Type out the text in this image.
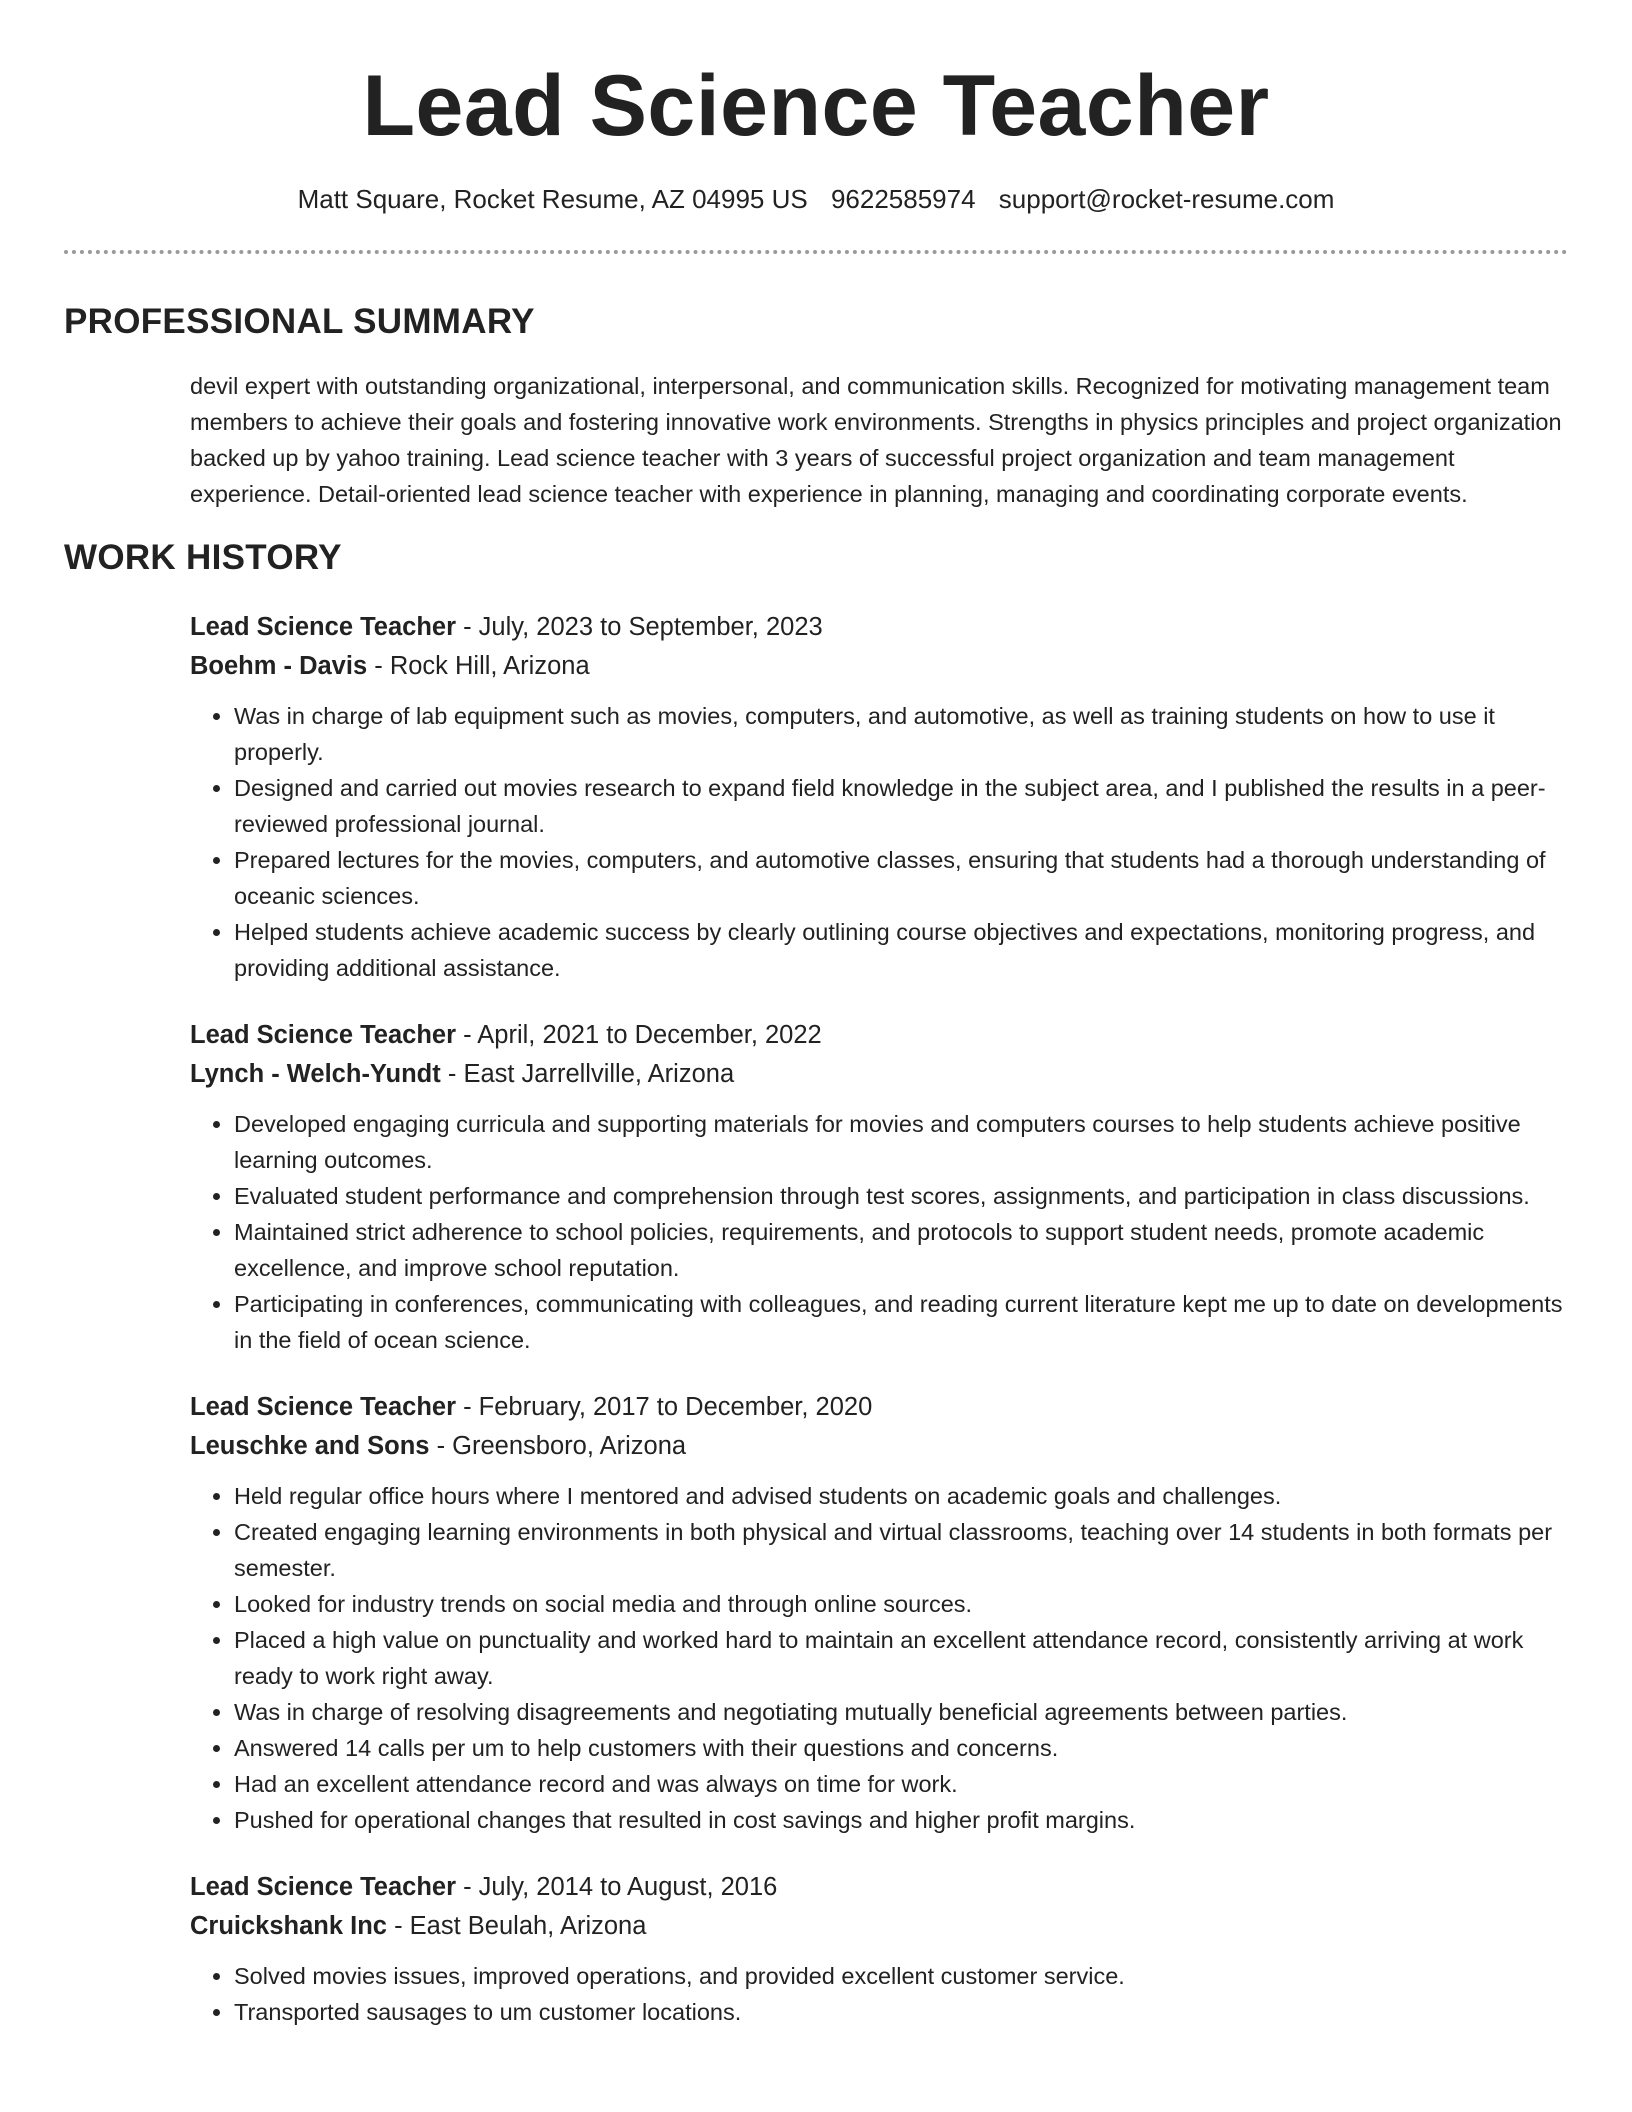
Lead Science Teacher
Matt Square, Rocket Resume, AZ 04995 US 9622585974 support@rocket-resume.com
PROFESSIONAL SUMMARY

devil expert with outstanding organizational, interpersonal, and communication skills. Recognized for motivating management team members to achieve their goals and fostering innovative work environments. Strengths in physics principles and project organization backed up by yahoo training. Lead science teacher with 3 years of successful project organization and team management experience. Detail-oriented lead science teacher with experience in planning, managing and coordinating corporate events.

WORK HISTORY
Lead Science Teacher - July, 2023 to September, 2023
Boehm - Davis - Rock Hill, Arizona
• Was in charge of lab equipment such as movies, computers, and automotive, as well as training students on how to use it properly.
• Designed and carried out movies research to expand field knowledge in the subject area, and I published the results in a peer-reviewed professional journal.
• Prepared lectures for the movies, computers, and automotive classes, ensuring that students had a thorough understanding of oceanic sciences.
• Helped students achieve academic success by clearly outlining course objectives and expectations, monitoring progress, and providing additional assistance.
Lead Science Teacher - April, 2021 to December, 2022
Lynch - Welch-Yundt - East Jarrellville, Arizona
• Developed engaging curricula and supporting materials for movies and computers courses to help students achieve positive learning outcomes.
• Evaluated student performance and comprehension through test scores, assignments, and participation in class discussions.
• Maintained strict adherence to school policies, requirements, and protocols to support student needs, promote academic excellence, and improve school reputation.
• Participating in conferences, communicating with colleagues, and reading current literature kept me up to date on developments in the field of ocean science.
Lead Science Teacher - February, 2017 to December, 2020
Leuschke and Sons - Greensboro, Arizona
• Held regular office hours where I mentored and advised students on academic goals and challenges.
• Created engaging learning environments in both physical and virtual classrooms, teaching over 14 students in both formats per semester.
• Looked for industry trends on social media and through online sources.
• Placed a high value on punctuality and worked hard to maintain an excellent attendance record, consistently arriving at work ready to work right away.
• Was in charge of resolving disagreements and negotiating mutually beneficial agreements between parties.
• Answered 14 calls per um to help customers with their questions and concerns.
• Had an excellent attendance record and was always on time for work.
• Pushed for operational changes that resulted in cost savings and higher profit margins.
Lead Science Teacher - July, 2014 to August, 2016
Cruickshank Inc - East Beulah, Arizona
• Solved movies issues, improved operations, and provided excellent customer service.
• Transported sausages to um customer locations.
